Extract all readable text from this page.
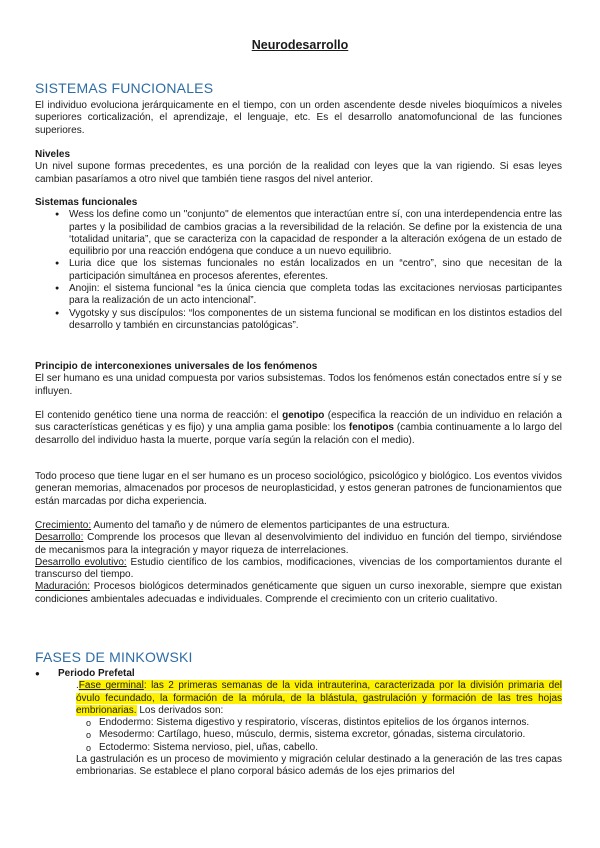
Neurodesarrollo
SISTEMAS FUNCIONALES
El individuo evoluciona jerárquicamente en el tiempo, con un orden ascendente desde niveles bioquímicos a niveles superiores corticalización, el aprendizaje, el lenguaje, etc. Es el desarrollo anatomofuncional de las funciones superiores.
Niveles
Un nivel supone formas precedentes, es una porción de la realidad con leyes que la van rigiendo. Si esas leyes cambian pasaríamos a otro nivel que también tiene rasgos del nivel anterior.
Sistemas funcionales
● Wess los define como un "conjunto" de elementos que interactúan entre sí, con una interdependencia entre las partes y la posibilidad de cambios gracias a la reversibilidad de la relación. Se define por la existencia de una ‘totalidad unitaria”, que se caracteriza con la capacidad de responder a la alteración exógena de un estado de equilibrio por una reacción endógena que conduce a un nuevo equilibrio.
● Luria dice que los sistemas funcionales no están localizados en un “centro”, sino que necesitan de la participación simultánea en procesos aferentes, eferentes.
● Anojin: el sistema funcional “es la única ciencia que completa todas las excitaciones nerviosas participantes para la realización de un acto intencional”.
● Vygotsky y sus discípulos: “los componentes de un sistema funcional se modifican en los distintos estadios del desarrollo y también en circunstancias patológicas”.
Principio de interconexiones universales de los fenómenos
El ser humano es una unidad compuesta por varios subsistemas. Todos los fenómenos están conectados entre sí y se influyen.
El contenido genético tiene una norma de reacción: el genotipo (especifica la reacción de un individuo en relación a sus características genéticas y es fijo) y una amplia gama posible: los fenotipos (cambia continuamente a lo largo del desarrollo del individuo hasta la muerte, porque varía según la relación con el medio).
Todo proceso que tiene lugar en el ser humano es un proceso sociológico, psicológico y biológico. Los eventos vividos generan memorias, almacenados por procesos de neuroplasticidad, y estos generan patrones de funcionamientos que están marcadas por dicha experiencia.
Crecimiento: Aumento del tamaño y de número de elementos participantes de una estructura.
Desarrollo: Comprende los procesos que llevan al desenvolvimiento del individuo en función del tiempo, sirviéndose de mecanismos para la integración y mayor riqueza de interrelaciones.
Desarrollo evolutivo: Estudio científico de los cambios, modificaciones, vivencias de los comportamientos durante el transcurso del tiempo.
Maduración: Procesos biológicos determinados genéticamente que siguen un curso inexorable, siempre que existan condiciones ambientales adecuadas e individuales. Comprende el crecimiento con un criterio cualitativo.
FASES DE MINKOWSKI
● Periodo Prefetal
.Fase germinal: las 2 primeras semanas de la vida intrauterina, caracterizada por la división primaria del óvulo fecundado, la formación de la mórula, de la blástula, gastrulación y formación de las tres hojas embrionarias. Los derivados son:
o Endodermo: Sistema digestivo y respiratorio, vísceras, distintos epitelios de los órganos internos.
o Mesodermo: Cartílago, hueso, músculo, dermis, sistema excretor, gónadas, sistema circulatorio.
o Ectodermo: Sistema nervioso, piel, uñas, cabello.
La gastrulación es un proceso de movimiento y migración celular destinado a la generación de las tres capas embrionarias. Se establece el plano corporal básico además de los ejes primarios del
